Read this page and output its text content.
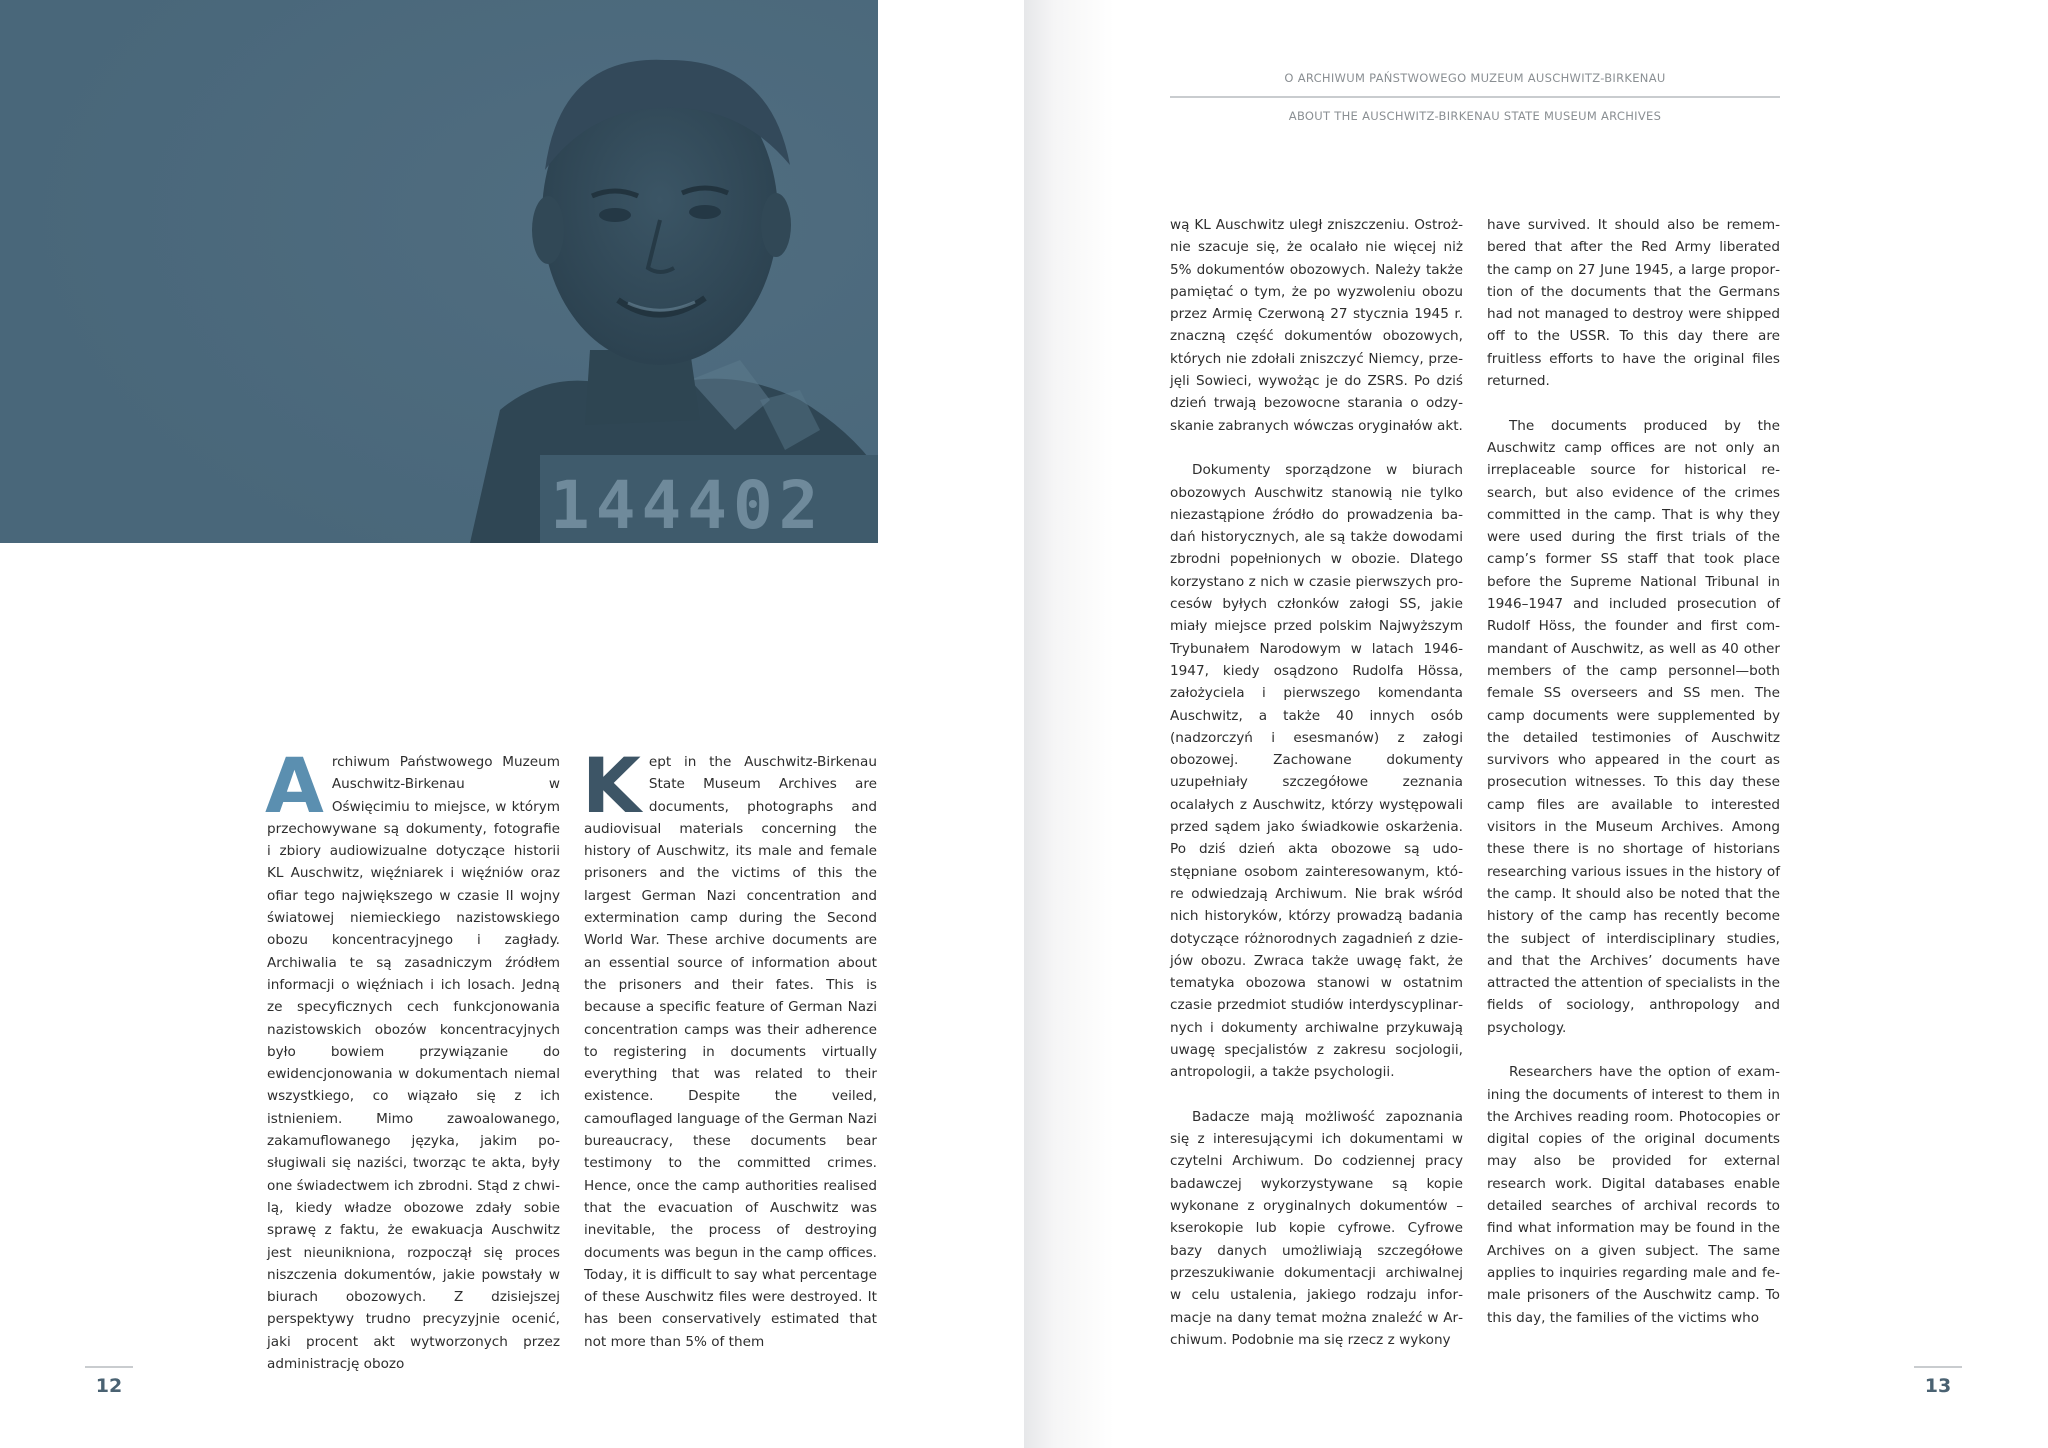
144402

Archiwum Państwowego Muzeum Auschwitz-Birkenau w Oświęcimiu to miejsce, w którym przechowywane są dokumenty, fotografie i zbiory audiowizualne dotyczące historii KL Auschwitz, więźniarek i więźniów oraz ofiar tego największego w czasie II wojny światowej niemieckiego nazistowskiego obozu koncentracyjnego i zagłady. Archiwalia te są zasadniczym źródłem informacji o więźniach i ich losach. Jedną ze specyficznych cech funkcjonowania nazistowskich obozów koncentracyjnych było bowiem przywiązanie do ewidencjonowania w dokumentach niemal wszystkiego, co wiązało się z ich istnieniem. Mimo zawoalowanego, zakamuflowanego języka, jakim posługiwali się naziści, tworząc te akta, były one świadectwem ich zbrodni. Stąd z chwilą, kiedy władze obozowe zdały sobie sprawę z faktu, że ewakuacja Auschwitz jest nieunikniona, rozpoczął się proces niszczenia dokumentów, jakie powstały w biurach obozowych. Z dzisiejszej perspektywy trudno precyzyjnie ocenić, jaki procent akt wytworzonych przez administrację obozo

Kept in the Auschwitz-Birkenau State Museum Archives are documents, photographs and audiovisual materials concerning the history of Auschwitz, its male and female prisoners and the victims of this the largest German Nazi concentration and extermination camp during the Second World War. These archive documents are an essential source of information about the prisoners and their fates. This is because a specific feature of German Nazi concentration camps was their adherence to registering in documents virtually everything that was related to their existence. Despite the veiled, camouflaged language of the German Nazi bureaucracy, these documents bear testimony to the committed crimes. Hence, once the camp authorities realised that the evacuation of Auschwitz was inevitable, the process of destroying documents was begun in the camp offices. Today, it is difficult to say what percentage of these Auschwitz files were destroyed. It has been conservatively estimated that not more than 5% of them

12
O ARCHIWUM PAŃSTWOWEGO MUZEUM AUSCHWITZ-BIRKENAU
ABOUT THE AUSCHWITZ-BIRKENAU STATE MUSEUM ARCHIVES

wą KL Auschwitz uległ zniszczeniu. Ostrożnie szacuje się, że ocalało nie więcej niż 5% dokumentów obozowych. Należy także pamiętać o tym, że po wyzwoleniu obozu przez Armię Czerwoną 27 stycznia 1945 r. znaczną część dokumentów obozowych, których nie zdołali zniszczyć Niemcy, przejęli Sowieci, wywożąc je do ZSRS. Po dziś dzień trwają bezowocne starania o odzyskanie zabranych wówczas oryginałów akt.

Dokumenty sporządzone w biurach obozowych Auschwitz stanowią nie tylko niezastąpione źródło do prowadzenia badań historycznych, ale są także dowodami zbrodni popełnionych w obozie. Dlatego korzystano z nich w czasie pierwszych procesów byłych członków załogi SS, jakie miały miejsce przed polskim Najwyższym Trybunałem Narodowym w latach 1946-1947, kiedy osądzono Rudolfa Hössa, założyciela i pierwszego komendanta Auschwitz, a także 40 innych osób (nadzorczyń i esesmanów) z załogi obozowej. Zachowane dokumenty uzupełniały szczegółowe zeznania ocalałych z Auschwitz, którzy występowali przed sądem jako świadkowie oskarżenia. Po dziś dzień akta obozowe są udostępniane osobom zainteresowanym, które odwiedzają Archiwum. Nie brak wśród nich historyków, którzy prowadzą badania dotyczące różnorodnych zagadnień z dziejów obozu. Zwraca także uwagę fakt, że tematyka obozowa stanowi w ostatnim czasie przedmiot studiów interdyscyplinarnych i dokumenty archiwalne przykuwają uwagę specjalistów z zakresu socjologii, antropologii, a także psychologii.

Badacze mają możliwość zapoznania się z interesującymi ich dokumentami w czytelni Archiwum. Do codziennej pracy badawczej wykorzystywane są kopie wykonane z oryginalnych dokumentów – kserokopie lub kopie cyfrowe. Cyfrowe bazy danych umożliwiają szczegółowe przeszukiwanie dokumentacji archiwalnej w celu ustalenia, jakiego rodzaju informacje na dany temat można znaleźć w Archiwum. Podobnie ma się rzecz z wykony

have survived. It should also be remembered that after the Red Army liberated the camp on 27 June 1945, a large proportion of the documents that the Germans had not managed to destroy were shipped off to the USSR. To this day there are fruitless efforts to have the original files returned.

The documents produced by the Auschwitz camp offices are not only an irreplaceable source for historical research, but also evidence of the crimes committed in the camp. That is why they were used during the first trials of the camp’s former SS staff that took place before the Supreme National Tribunal in 1946–1947 and included prosecution of Rudolf Höss, the founder and first commandant of Auschwitz, as well as 40 other members of the camp personnel—both female SS overseers and SS men. The camp documents were supplemented by the detailed testimonies of Auschwitz survivors who appeared in the court as prosecution witnesses. To this day these camp files are available to interested visitors in the Museum Archives. Among these there is no shortage of historians researching various issues in the history of the camp. It should also be noted that the history of the camp has recently become the subject of interdisciplinary studies, and that the Archives’ documents have attracted the attention of specialists in the fields of sociology, anthropology and psychology.

Researchers have the option of examining the documents of interest to them in the Archives reading room. Photocopies or digital copies of the original documents may also be provided for external research work. Digital databases enable detailed searches of archival records to find what information may be found in the Archives on a given subject. The same applies to inquiries regarding male and female prisoners of the Auschwitz camp. To this day, the families of the victims who

13
